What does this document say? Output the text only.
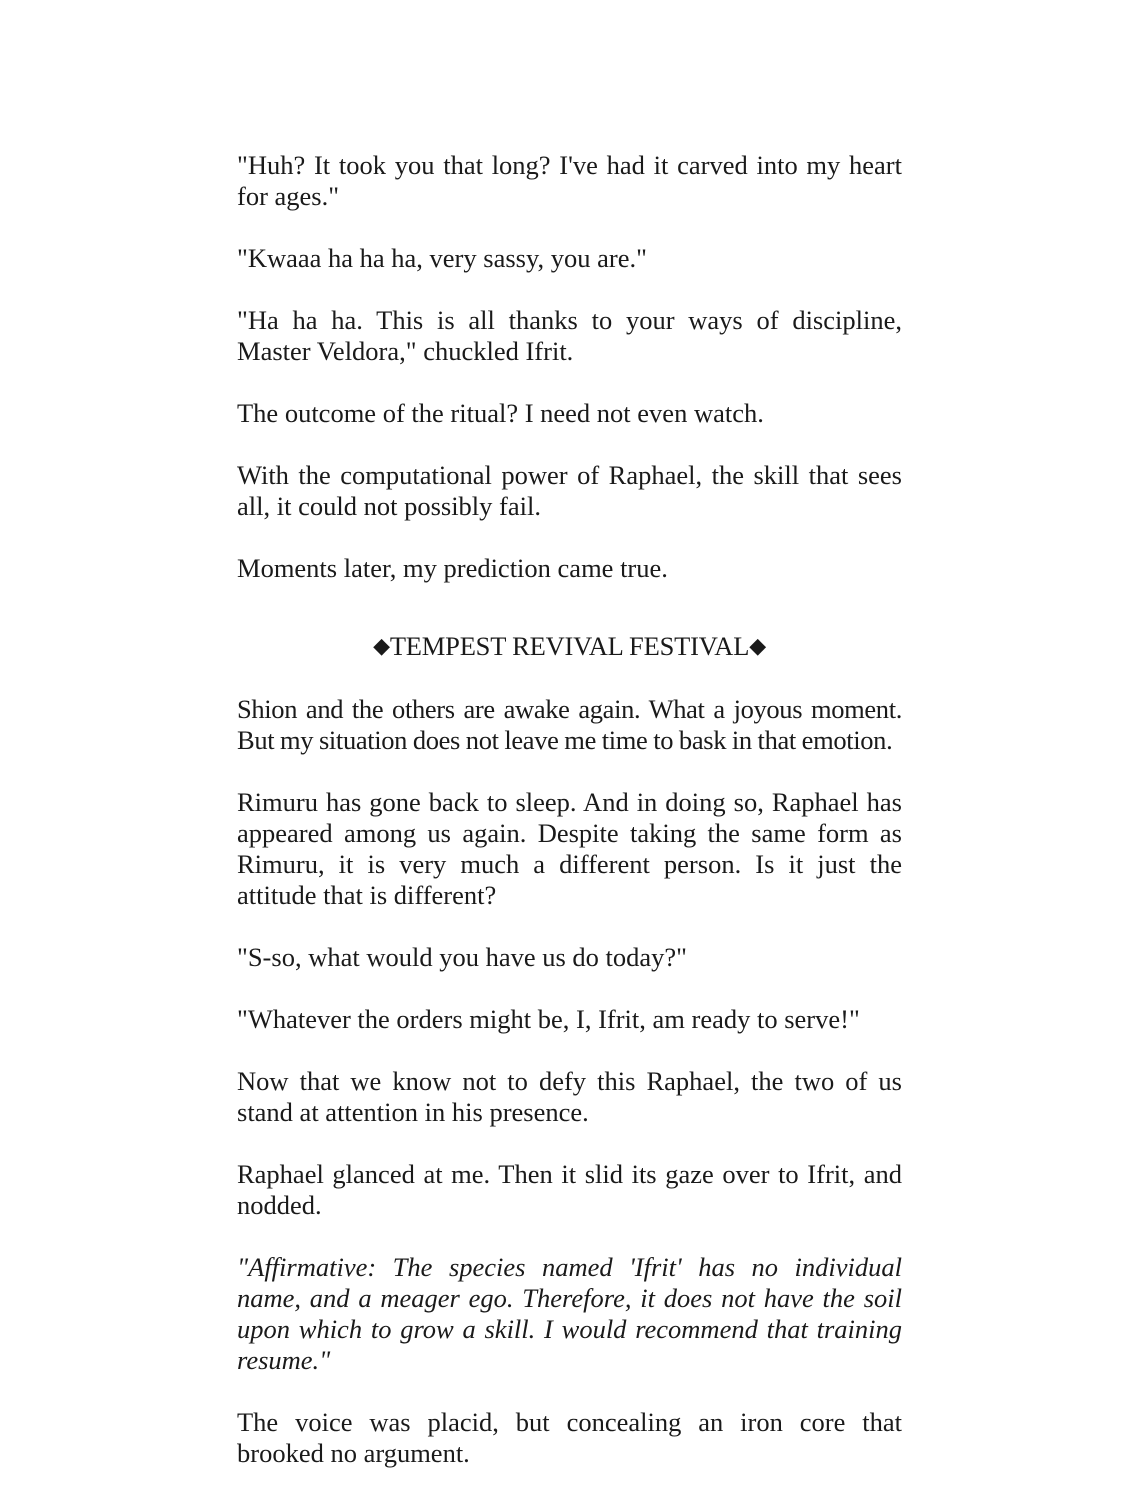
"Huh? It took you that long? I've had it carved into my heart for ages."

"Kwaaa ha ha ha, very sassy, you are."

"Ha ha ha. This is all thanks to your ways of discipline, Master Veldora," chuckled Ifrit.

The outcome of the ritual? I need not even watch.

With the computational power of Raphael, the skill that sees all, it could not possibly fail.

Moments later, my prediction came true.

◆TEMPEST REVIVAL FESTIVAL◆

Shion and the others are awake again. What a joyous moment. But my situation does not leave me time to bask in that emotion.

Rimuru has gone back to sleep. And in doing so, Raphael has appeared among us again. Despite taking the same form as Rimuru, it is very much a different person. Is it just the attitude that is different?

"S-so, what would you have us do today?"

"Whatever the orders might be, I, Ifrit, am ready to serve!"

Now that we know not to defy this Raphael, the two of us stand at attention in his presence.

Raphael glanced at me. Then it slid its gaze over to Ifrit, and nodded.

"Affirmative: The species named 'Ifrit' has no individual name, and a meager ego. Therefore, it does not have the soil upon which to grow a skill. I would recommend that training resume."

The voice was placid, but concealing an iron core that brooked no argument.
